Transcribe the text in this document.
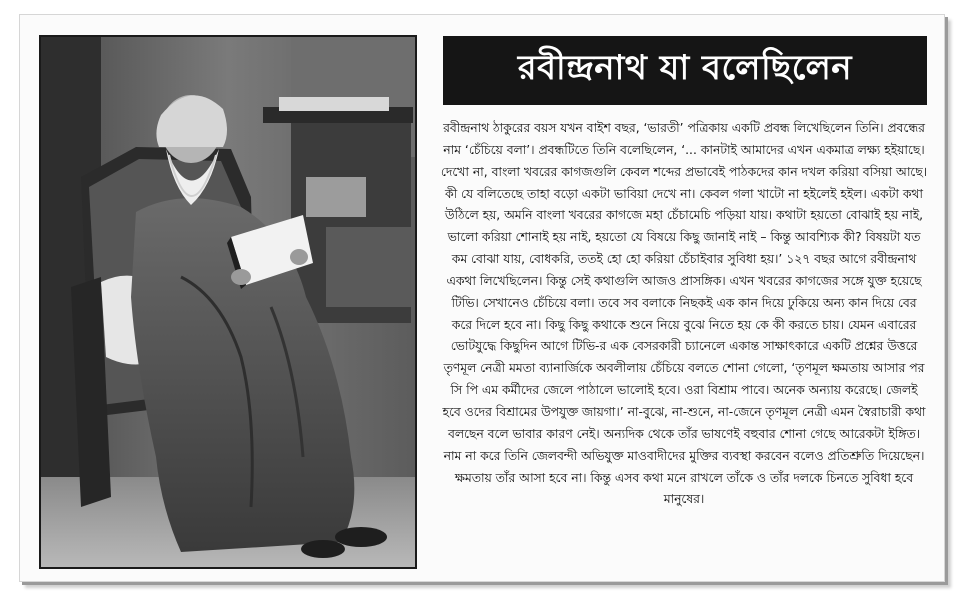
রবীন্দ্রনাথ যা বলেছিলেন
রবীন্দ্রনাথ ঠাকুরের বয়স যখন বাইশ বছর, ‘ভারতী’ পত্রিকায় একটি প্রবন্ধ লিখেছিলেন তিনি। প্রবন্ধের নাম ‘চেঁচিয়ে বলা’। প্রবন্ধটিতে তিনি বলেছিলেন, ‘... কানটাই আমাদের এখন একমাত্র লক্ষ্য হইয়াছে। দেখো না, বাংলা খবরের কাগজগুলি কেবল শব্দের প্রভাবেই পাঠকদের কান দখল করিয়া বসিয়া আছে। কী যে বলিতেছে তাহা বড়ো একটা ভাবিয়া দেখে না। কেবল গলা খাটো না হইলেই হইল। একটা কথা উঠিলে হয়, অমনি বাংলা খবরের কাগজে মহা চেঁচামেচি পড়িয়া যায়। কথাটা হয়তো বোঝাই হয় নাই, ভালো করিয়া শোনাই হয় নাই, হয়তো যে বিষয়ে কিছু জানাই নাই – কিন্তু আবশ্যিক কী? বিষয়টা যত কম বোঝা যায়, বোধকরি, ততই হো হো করিয়া চেঁচাইবার সুবিধা হয়।’ ১২৭ বছর আগে রবীন্দ্রনাথ একথা লিখেছিলেন। কিন্তু সেই কথাগুলি আজও প্রাসঙ্গিক। এখন খবরের কাগজের সঙ্গে যুক্ত হয়েছে টিভি। সেখানেও চেঁচিয়ে বলা। তবে সব বলাকে নিছকই এক কান দিয়ে ঢুকিয়ে অন্য কান দিয়ে বের করে দিলে হবে না। কিছু কিছু কথাকে শুনে নিয়ে বুঝে নিতে হয় কে কী করতে চায়। যেমন এবারের ভোটযুদ্ধে কিছুদিন আগে টিভি-র এক বেসরকারী চ্যানেলে একান্ত সাক্ষাৎকারে একটি প্রশ্নের উত্তরে তৃণমূল নেত্রী মমতা ব্যানার্জিকে অবলীলায় চেঁচিয়ে বলতে শোনা গেলো, ‘তৃণমূল ক্ষমতায় আসার পর সি পি এম কর্মীদের জেলে পাঠালে ভালোই হবে। ওরা বিশ্রাম পাবে। অনেক অন্যায় করেছে। জেলই হবে ওদের বিশ্রামের উপযুক্ত জায়গা।’ না-বুঝে, না-শুনে, না-জেনে তৃণমূল নেত্রী এমন স্বৈরাচারী কথা বলছেন বলে ভাবার কারণ নেই। অন্যদিক থেকে তাঁর ভাষণেই বহুবার শোনা গেছে আরেকটা ইঙ্গিত। নাম না করে তিনি জেলবন্দী অভিযুক্ত মাওবাদীদের মুক্তির ব্যবস্থা করবেন বলেও প্রতিশ্রুতি দিয়েছেন। ক্ষমতায় তাঁর আসা হবে না। কিন্তু এসব কথা মনে রাখলে তাঁকে ও তাঁর দলকে চিনতে সুবিধা হবে মানুষের।
